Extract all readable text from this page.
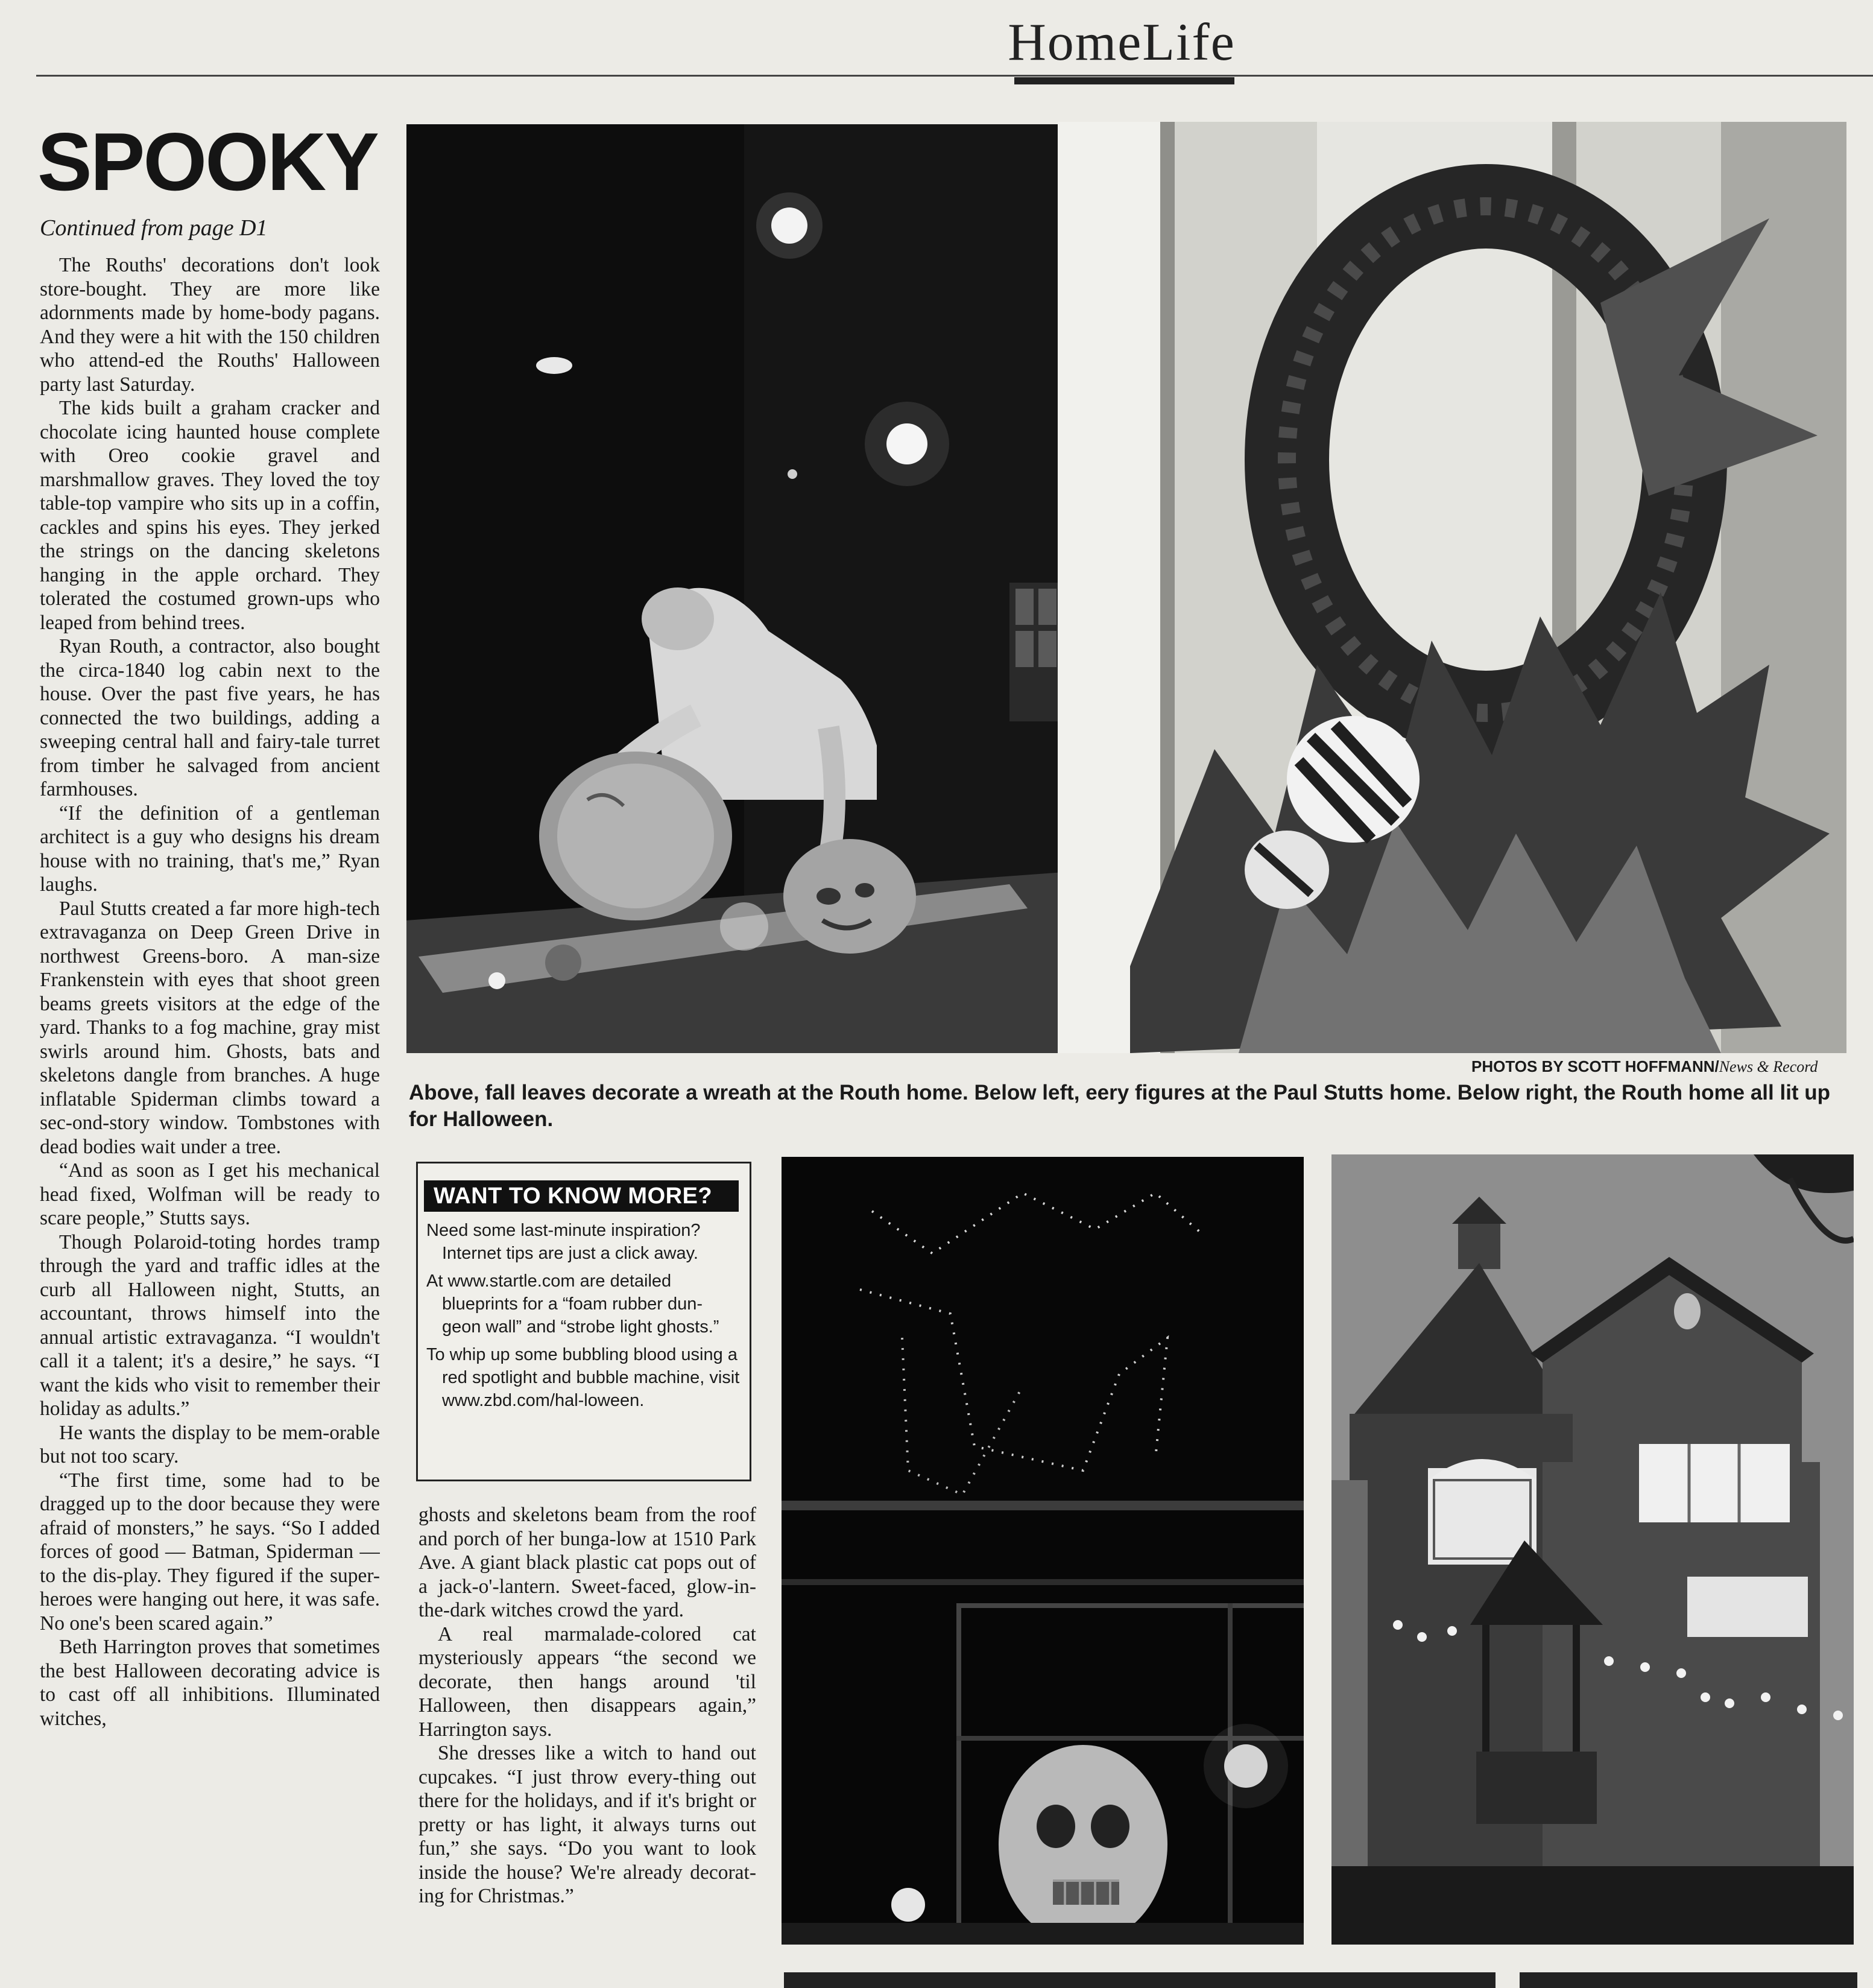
HomeLife
SPOOKY
Continued from page D1

The Rouths' decorations don't look store-bought. They are more like adornments made by home-body pagans. And they were a hit with the 150 children who attend-ed the Rouths' Halloween party last Saturday.

The kids built a graham cracker and chocolate icing haunted house complete with Oreo cookie gravel and marshmallow graves. They loved the toy table-top vampire who sits up in a coffin, cackles and spins his eyes. They jerked the strings on the dancing skeletons hanging in the apple orchard. They tolerated the costumed grown-ups who leaped from behind trees.

Ryan Routh, a contractor, also bought the circa-1840 log cabin next to the house. Over the past five years, he has connected the two buildings, adding a sweeping central hall and fairy-tale turret from timber he salvaged from ancient farmhouses.

“If the definition of a gentleman architect is a guy who designs his dream house with no training, that's me,” Ryan laughs.

Paul Stutts created a far more high-tech extravaganza on Deep Green Drive in northwest Greens-boro. A man-size Frankenstein with eyes that shoot green beams greets visitors at the edge of the yard. Thanks to a fog machine, gray mist swirls around him. Ghosts, bats and skeletons dangle from branches. A huge inflatable Spiderman climbs toward a sec-ond-story window. Tombstones with dead bodies wait under a tree.

“And as soon as I get his mechanical head fixed, Wolfman will be ready to scare people,” Stutts says.

Though Polaroid-toting hordes tramp through the yard and traffic idles at the curb all Halloween night, Stutts, an accountant, throws himself into the annual artistic extravaganza. “I wouldn't call it a talent; it's a desire,” he says. “I want the kids who visit to remember their holiday as adults.”

He wants the display to be mem-orable but not too scary.

“The first time, some had to be dragged up to the door because they were afraid of monsters,” he says. “So I added forces of good — Batman, Spiderman — to the dis-play. They figured if the super-heroes were hanging out here, it was safe. No one's been scared again.”

Beth Harrington proves that sometimes the best Halloween decorating advice is to cast off all inhibitions. Illuminated witches,

PHOTOS BY SCOTT HOFFMANN/News & Record
Above, fall leaves decorate a wreath at the Routh home. Below left, eery figures at the Paul Stutts home. Below right, the Routh home all lit up for Halloween.
WANT TO KNOW MORE?

Need some last-minute inspiration? Internet tips are just a click away.

At www.startle.com are detailed blueprints for a “foam rubber dun-geon wall” and “strobe light ghosts.”

To whip up some bubbling blood using a red spotlight and bubble machine, visit www.zbd.com/hal-loween.

ghosts and skeletons beam from the roof and porch of her bunga-low at 1510 Park Ave. A giant black plastic cat pops out of a jack-o'-lantern. Sweet-faced, glow-in-the-dark witches crowd the yard.

A real marmalade-colored cat mysteriously appears “the second we decorate, then hangs around 'til Halloween, then disappears again,” Harrington says.

She dresses like a witch to hand out cupcakes. “I just throw every-thing out there for the holidays, and if it's bright or pretty or has light, it always turns out fun,” she says. “Do you want to look inside the house? We're already decorat-ing for Christmas.”
